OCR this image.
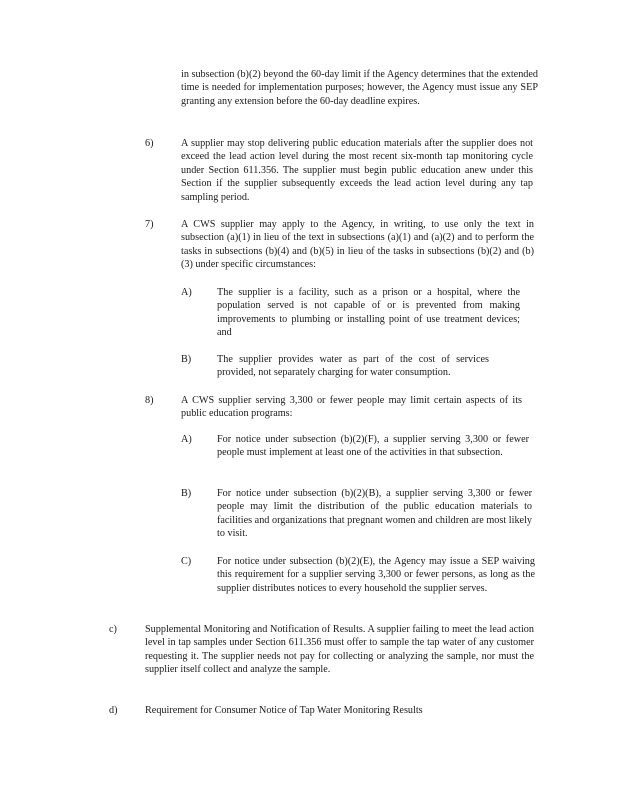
in subsection (b)(2) beyond the 60-day limit if the Agency determines that the extended time is needed for implementation purposes; however, the Agency must issue any SEP granting any extension before the 60-day deadline expires.

6)	A supplier may stop delivering public education materials after the supplier does not exceed the lead action level during the most recent six-month tap monitoring cycle under Section 611.356. The supplier must begin public education anew under this Section if the supplier subsequently exceeds the lead action level during any tap sampling period.

7)	A CWS supplier may apply to the Agency, in writing, to use only the text in subsection (a)(1) in lieu of the text in subsections (a)(1) and (a)(2) and to perform the tasks in subsections (b)(4) and (b)(5) in lieu of the tasks in subsections (b)(2) and (b)(3) under specific circumstances:

A) The supplier is a facility, such as a prison or a hospital, where the population served is not capable of or is prevented from making improvements to plumbing or installing point of use treatment devices; and

B)	The supplier provides water as part of the cost of services provided, not separately charging for water consumption.

8)	A CWS supplier serving 3,300 or fewer people may limit certain aspects of its public education programs:

A) For notice under subsection (b)(2)(F), a supplier serving 3,300 or fewer people must implement at least one of the activities in that subsection.

B)	For notice under subsection (b)(2)(B), a supplier serving 3,300 or fewer people may limit the distribution of the public education materials to facilities and organizations that pregnant women and children are most likely to visit.

C)	For notice under subsection (b)(2)(E), the Agency may issue a SEP waiving this requirement for a supplier serving 3,300 or fewer persons, as long as the supplier distributes notices to every household the supplier serves.

c)	Supplemental Monitoring and Notification of Results. A supplier failing to meet the lead action level in tap samples under Section 611.356 must offer to sample the tap water of any customer requesting it. The supplier needs not pay for collecting or analyzing the sample, nor must the supplier itself collect and analyze the sample.

d)	Requirement for Consumer Notice of Tap Water Monitoring Results
